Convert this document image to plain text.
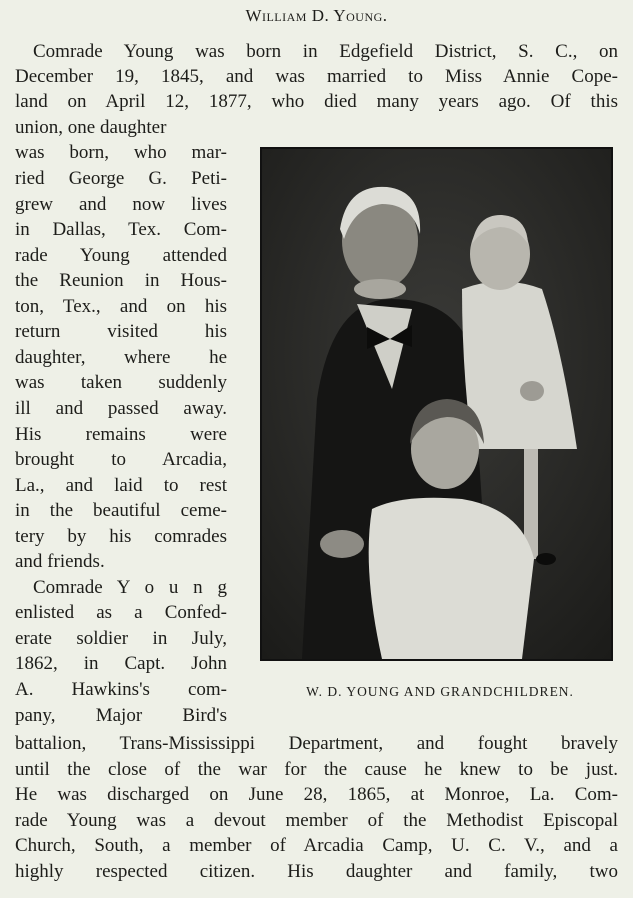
William D. Young.
Comrade Young was born in Edgefield District, S. C., on
December 19, 1845, and was married to Miss Annie Cope-
land on April 12, 1877, who died many years ago. Of this
union, one daughter
was born, who mar-
ried George G. Peti-
grew and now lives
in Dallas, Tex. Com-
rade Young attended
the Reunion in Hous-
ton, Tex., and on his
return visited his
daughter, where he
was taken suddenly
ill and passed away.
His remains were
brought to Arcadia,
La., and laid to rest
in the beautiful ceme-
tery by his comrades
and friends.
Comrade Y o u n g
enlisted as a Confed-
erate soldier in July,
1862, in Capt. John
A. Hawkins's com-
pany, Major Bird's
battalion, Trans-Mississippi Department, and fought bravely
until the close of the war for the cause he knew to be just.
He was discharged on June 28, 1865, at Monroe, La. Com-
rade Young was a devout member of the Methodist Episcopal
Church, South, a member of Arcadia Camp, U. C. V., and a
highly respected citizen. His daughter and family, two
W. D. YOUNG AND GRANDCHILDREN.
